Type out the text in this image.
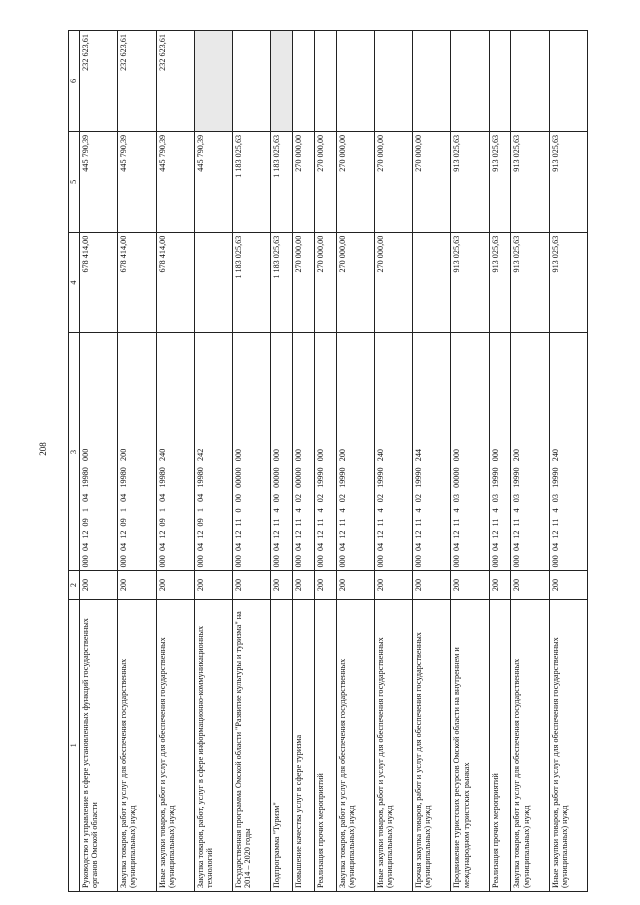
208
1	2	3	4	5	6
Руководство и управление в сфере установленных функций государственных органов Омской области	200	000  04  12  09   1   04   19980   000	678 414,00	445 790,39	232 623,61
Закупка товаров, работ и услуг для обеспечения государственных (муниципальных) нужд	200	000  04  12  09   1   04   19980   200	678 414,00	445 790,39	232 623,61
Иные закупки товаров, работ и услуг для обеспечения государственных (муниципальных) нужд	200	000  04  12  09   1   04   19980   240	678 414,00	445 790,39	232 623,61
Закупка товаров, работ, услуг в сфере информационно-коммуникационных технологий	200	000  04  12  09   1   04   19980   242		445 790,39	
Государственная программа Омской области "Развитие культуры и туризма" на 2014 – 2020 годы	200	000  04  12  11   0   00   00000   000	1 183 025,63	1 183 025,63	
Подпрограмма "Туризм"	200	000  04  12  11   4   00   00000   000	1 183 025,63	1 183 025,63	
Повышение качества услуг в сфере туризма	200	000  04  12  11   4   02   00000   000	270 000,00	270 000,00	
Реализация прочих мероприятий	200	000  04  12  11   4   02   19990   000	270 000,00	270 000,00	
Закупка товаров, работ и услуг для обеспечения государственных (муниципальных) нужд	200	000  04  12  11   4   02   19990   200	270 000,00	270 000,00	
Иные закупки товаров, работ и услуг для обеспечения государственных (муниципальных) нужд	200	000  04  12  11   4   02   19990   240	270 000,00	270 000,00	
Прочая закупка товаров, работ и услуг для обеспечения государственных (муниципальных) нужд	200	000  04  12  11   4   02   19990   244		270 000,00	
Продвижение туристских ресурсов Омской области на внутреннем и международном туристских рынках	200	000  04  12  11   4   03   00000   000	913 025,63	913 025,63	
Реализация прочих мероприятий	200	000  04  12  11   4   03   19990   000	913 025,63	913 025,63	
Закупка товаров, работ и услуг для обеспечения государственных (муниципальных) нужд	200	000  04  12  11   4   03   19990   200	913 025,63	913 025,63	
Иные закупки товаров, работ и услуг для обеспечения государственных (муниципальных) нужд	200	000  04  12  11   4   03   19990   240	913 025,63	913 025,63	
